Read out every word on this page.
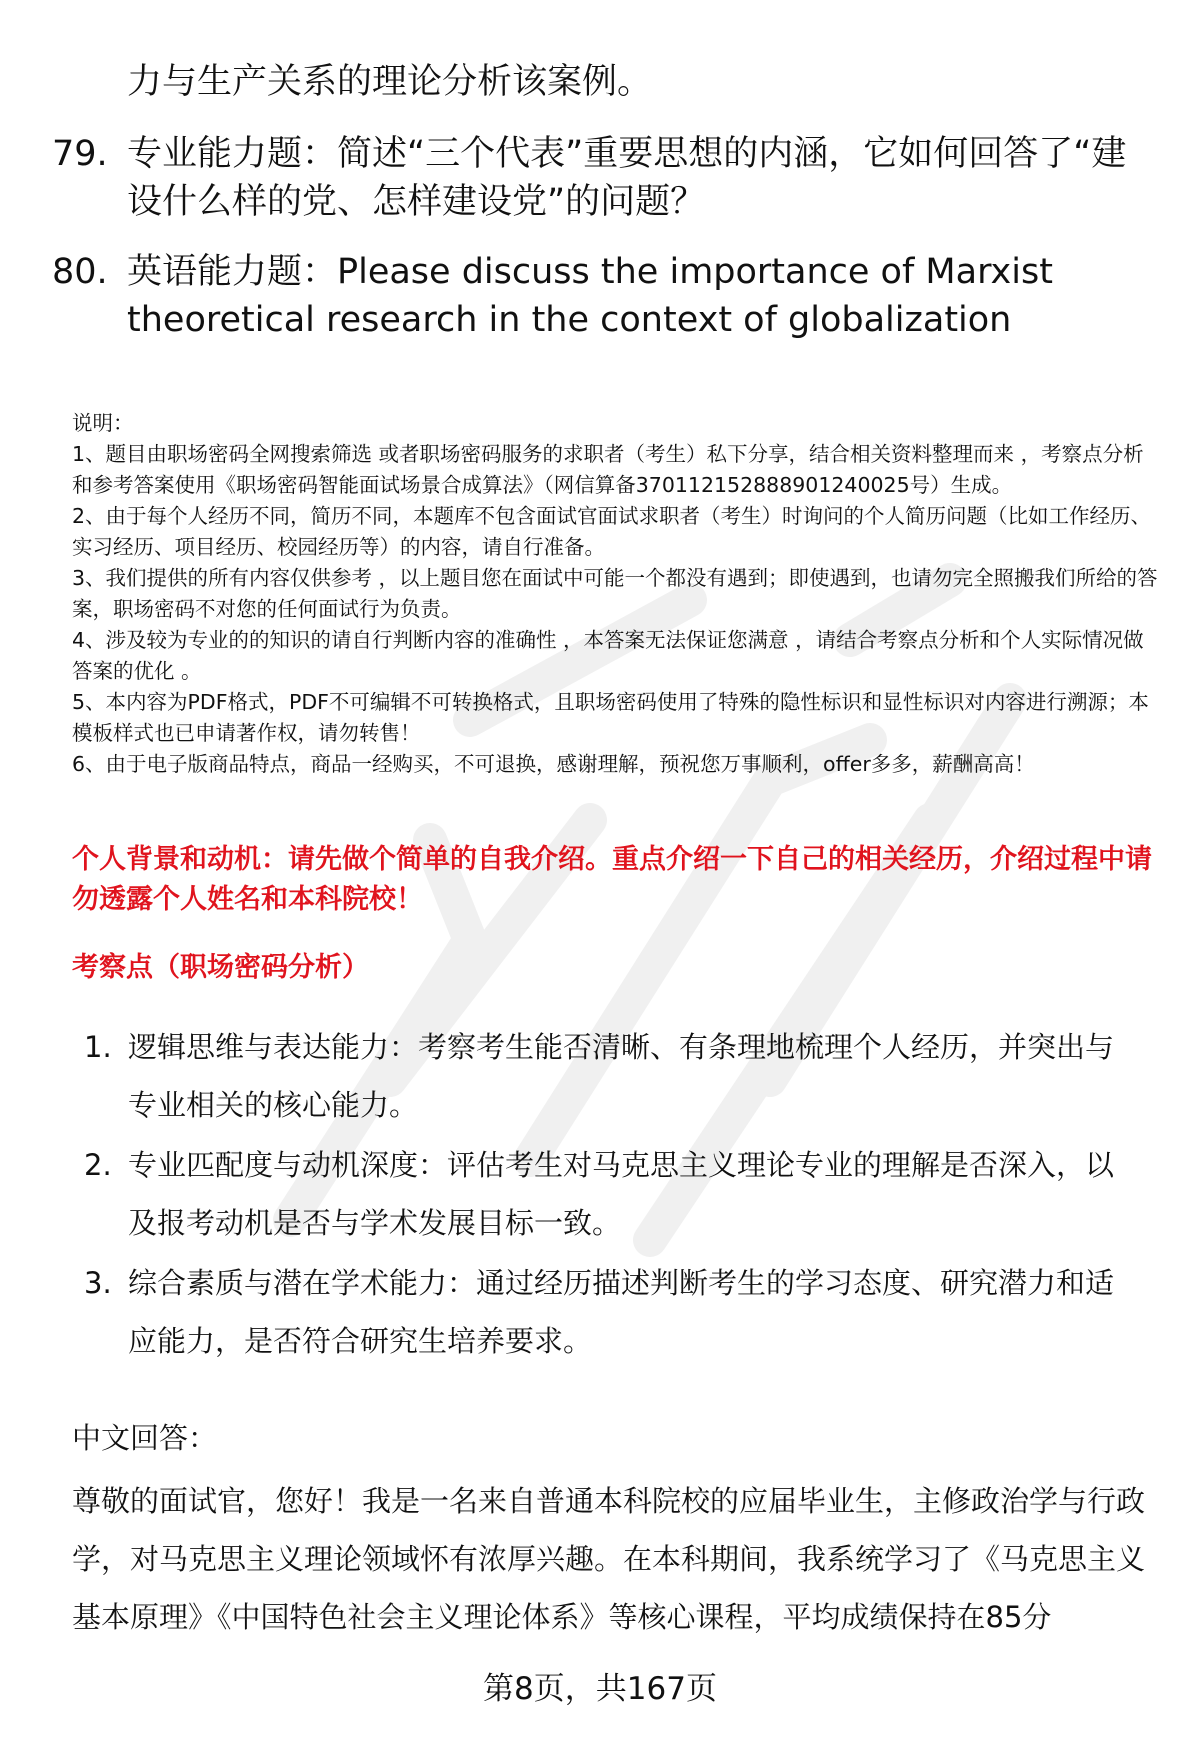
力与生产关系的理论分析该案例。
79. 专业能力题：简述“三个代表”重要思想的内涵，它如何回答了“建设什么样的党、怎样建设党”的问题？
80. 英语能力题：Please discuss the importance of Marxist theoretical research in the context of globalization

说明：

1、题目由职场密码全网搜索筛选 或者职场密码服务的求职者（考生）私下分享，结合相关资料整理而来 ，考察点分析和参考答案使用《职场密码智能面试场景合成算法》（网信算备370112152888901240025号）生成。

2、由于每个人经历不同，简历不同，本题库不包含面试官面试求职者（考生）时询问的个人简历问题（比如工作经历、实习经历、项目经历、校园经历等）的内容，请自行准备。

3、我们提供的所有内容仅供参考 ，以上题目您在面试中可能一个都没有遇到；即使遇到，也请勿完全照搬我们所给的答案，职场密码不对您的任何面试行为负责。

4、涉及较为专业的的知识的请自行判断内容的准确性 ，本答案无法保证您满意 ，请结合考察点分析和个人实际情况做答案的优化 。

5、本内容为PDF格式，PDF不可编辑不可转换格式，且职场密码使用了特殊的隐性标识和显性标识对内容进行溯源；本模板样式也已申请著作权，请勿转售！

6、由于电子版商品特点，商品一经购买，不可退换，感谢理解，预祝您万事顺利，offer多多，薪酬高高！

个人背景和动机：请先做个简单的自我介绍。重点介绍一下自己的相关经历，介绍过程中请勿透露个人姓名和本科院校！
考察点（职场密码分析）
1. 逻辑思维与表达能力：考察考生能否清晰、有条理地梳理个人经历，并突出与专业相关的核心能力。
2. 专业匹配度与动机深度：评估考生对马克思主义理论专业的理解是否深入，以及报考动机是否与学术发展目标一致。
3. 综合素质与潜在学术能力：通过经历描述判断考生的学习态度、研究潜力和适应能力，是否符合研究生培养要求。
中文回答：
尊敬的面试官，您好！我是一名来自普通本科院校的应届毕业生，主修政治学与行政学，对马克思主义理论领域怀有浓厚兴趣。在本科期间，我系统学习了《马克思主义基本原理》《中国特色社会主义理论体系》等核心课程，平均成绩保持在85分
第8页，共167页
